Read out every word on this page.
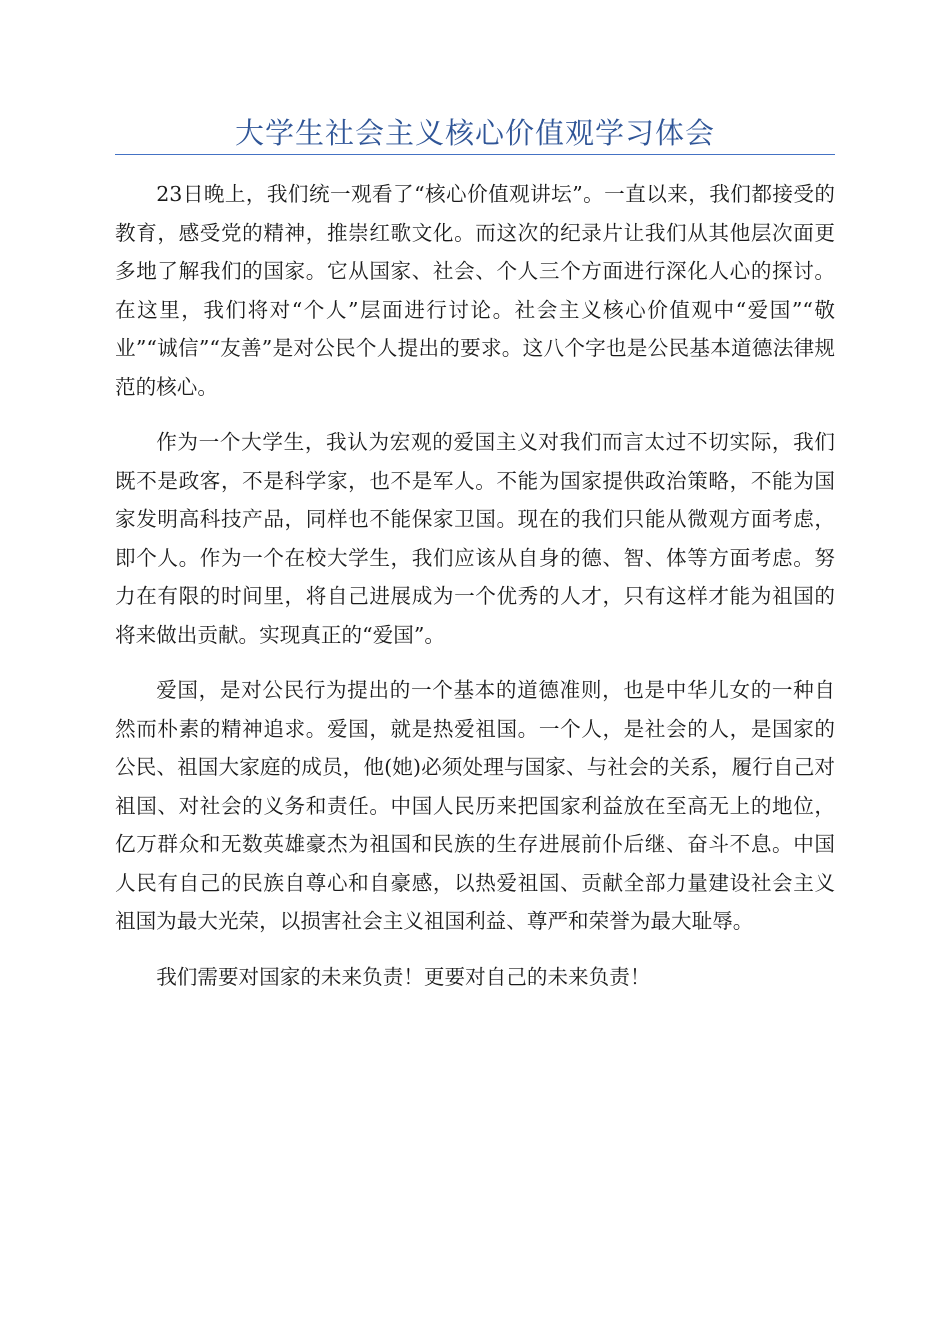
大学生社会主义核心价值观学习体会

23日晚上，我们统一观看了“核心价值观讲坛”。一直以来，我们都接受的教育，感受党的精神，推崇红歌文化。而这次的纪录片让我们从其他层次面更多地了解我们的国家。它从国家、社会、个人三个方面进行深化人心的探讨。在这里，我们将对“个人”层面进行讨论。社会主义核心价值观中“爱国”“敬业”“诚信”“友善”是对公民个人提出的要求。这八个字也是公民基本道德法律规范的核心。

作为一个大学生，我认为宏观的爱国主义对我们而言太过不切实际，我们既不是政客，不是科学家，也不是军人。不能为国家提供政治策略，不能为国家发明高科技产品，同样也不能保家卫国。现在的我们只能从微观方面考虑，即个人。作为一个在校大学生，我们应该从自身的德、智、体等方面考虑。努力在有限的时间里，将自己进展成为一个优秀的人才，只有这样才能为祖国的将来做出贡献。实现真正的“爱国”。

爱国，是对公民行为提出的一个基本的道德准则，也是中华儿女的一种自然而朴素的精神追求。爱国，就是热爱祖国。一个人，是社会的人，是国家的公民、祖国大家庭的成员，他(她)必须处理与国家、与社会的关系，履行自己对祖国、对社会的义务和责任。中国人民历来把国家利益放在至高无上的地位，亿万群众和无数英雄豪杰为祖国和民族的生存进展前仆后继、奋斗不息。中国人民有自己的民族自尊心和自豪感，以热爱祖国、贡献全部力量建设社会主义祖国为最大光荣，以损害社会主义祖国利益、尊严和荣誉为最大耻辱。

我们需要对国家的未来负责！更要对自己的未来负责！
